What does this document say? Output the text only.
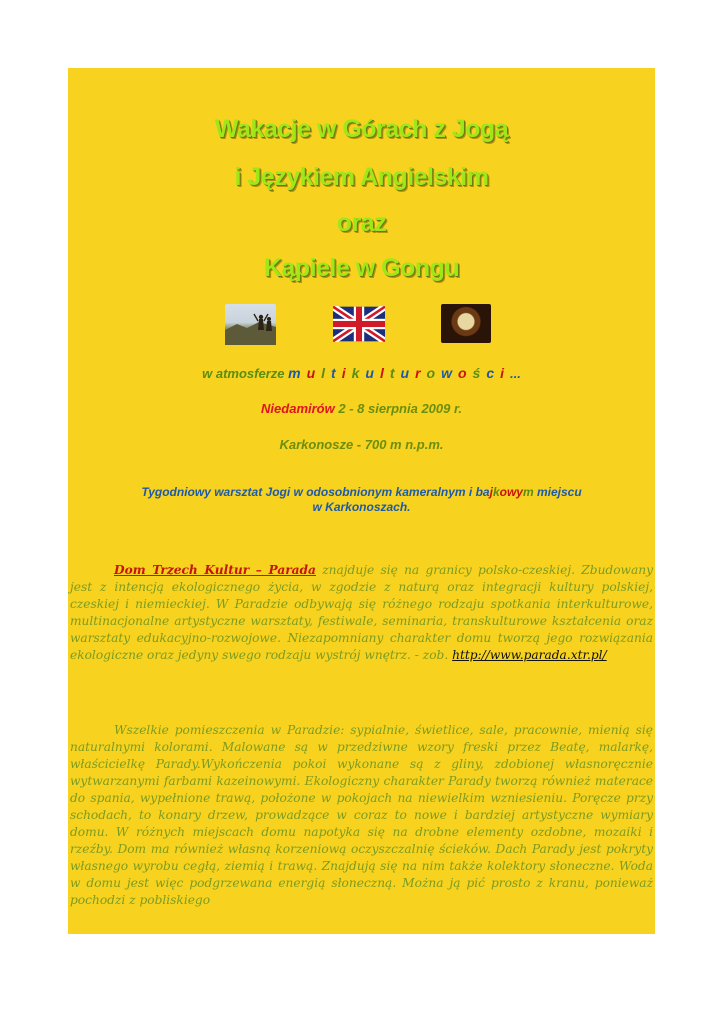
Wakacje w Górach z Jogą
i Językiem Angielskim
oraz
Kąpiele w Gongu
w atmosferze multikulturowości...
Niedamirów 2 - 8 sierpnia 2009 r.
Karkonosze - 700 m n.p.m.
Tygodniowy warsztat Jogi w odosobnionym kameralnym i bajkowym miejscu
w Karkonoszach.
Dom Trzech Kultur – Parada znajduje się na granicy polsko-czeskiej. Zbudowany jest z intencją ekologicznego życia, w zgodzie z naturą oraz integracji kultury polskiej, czeskiej i niemieckiej. W Paradzie odbywają się różnego rodzaju spotkania interkulturowe, multinacjonalne artystyczne warsztaty, festiwale, seminaria, transkulturowe kształcenia oraz warsztaty edukacyjno-rozwojowe. Niezapomniany charakter domu tworzą jego rozwiązania ekologiczne oraz jedyny swego rodzaju wystrój wnętrz. - zob. http://www.parada.xtr.pl/
Wszelkie pomieszczenia w Paradzie: sypialnie, świetlice, sale, pracownie, mienią się naturalnymi kolorami. Malowane są w przedziwne wzory freski przez Beatę, malarkę, właścicielkę Parady.Wykończenia pokoi wykonane są z gliny, zdobionej własnoręcznie wytwarzanymi farbami kazeinowymi. Ekologiczny charakter Parady tworzą również materace do spania, wypełnione trawą, położone w pokojach na niewielkim wzniesieniu. Poręcze przy schodach, to konary drzew, prowadzące w coraz to nowe i bardziej artystyczne wymiary domu. W różnych miejscach domu napotyka się na drobne elementy ozdobne, mozaiki i rzeźby. Dom ma również własną korzeniową oczyszczalnię ścieków. Dach Parady jest pokryty własnego wyrobu cegłą, ziemią i trawą. Znajdują się na nim także kolektory słoneczne. Woda w domu jest więc podgrzewana energią słoneczną. Można ją pić prosto z kranu, ponieważ pochodzi z pobliskiego
